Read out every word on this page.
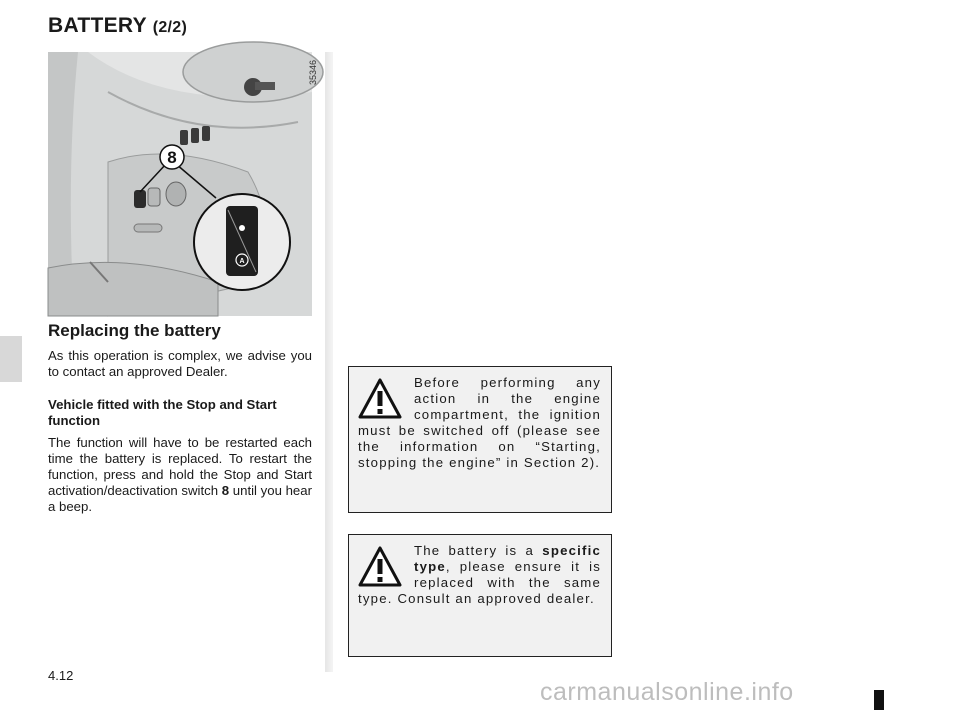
BATTERY (2/2)
8
A
35346
Replacing the battery

As this operation is complex, we advise you to contact an approved Dealer.

Vehicle fitted with the Stop and Start function

The function will have to be restarted each time the battery is replaced. To restart the function, press and hold the Stop and Start activation/deactivation switch 8 until you hear a beep.

Before performing any action in the engine compartment, the ignition must be switched off (please see the information on “Starting, stopping the engine” in Section 2).
The battery is a specific type, please ensure it is replaced with the same type. Consult an approved dealer.
4.12
carmanualsonline.info
